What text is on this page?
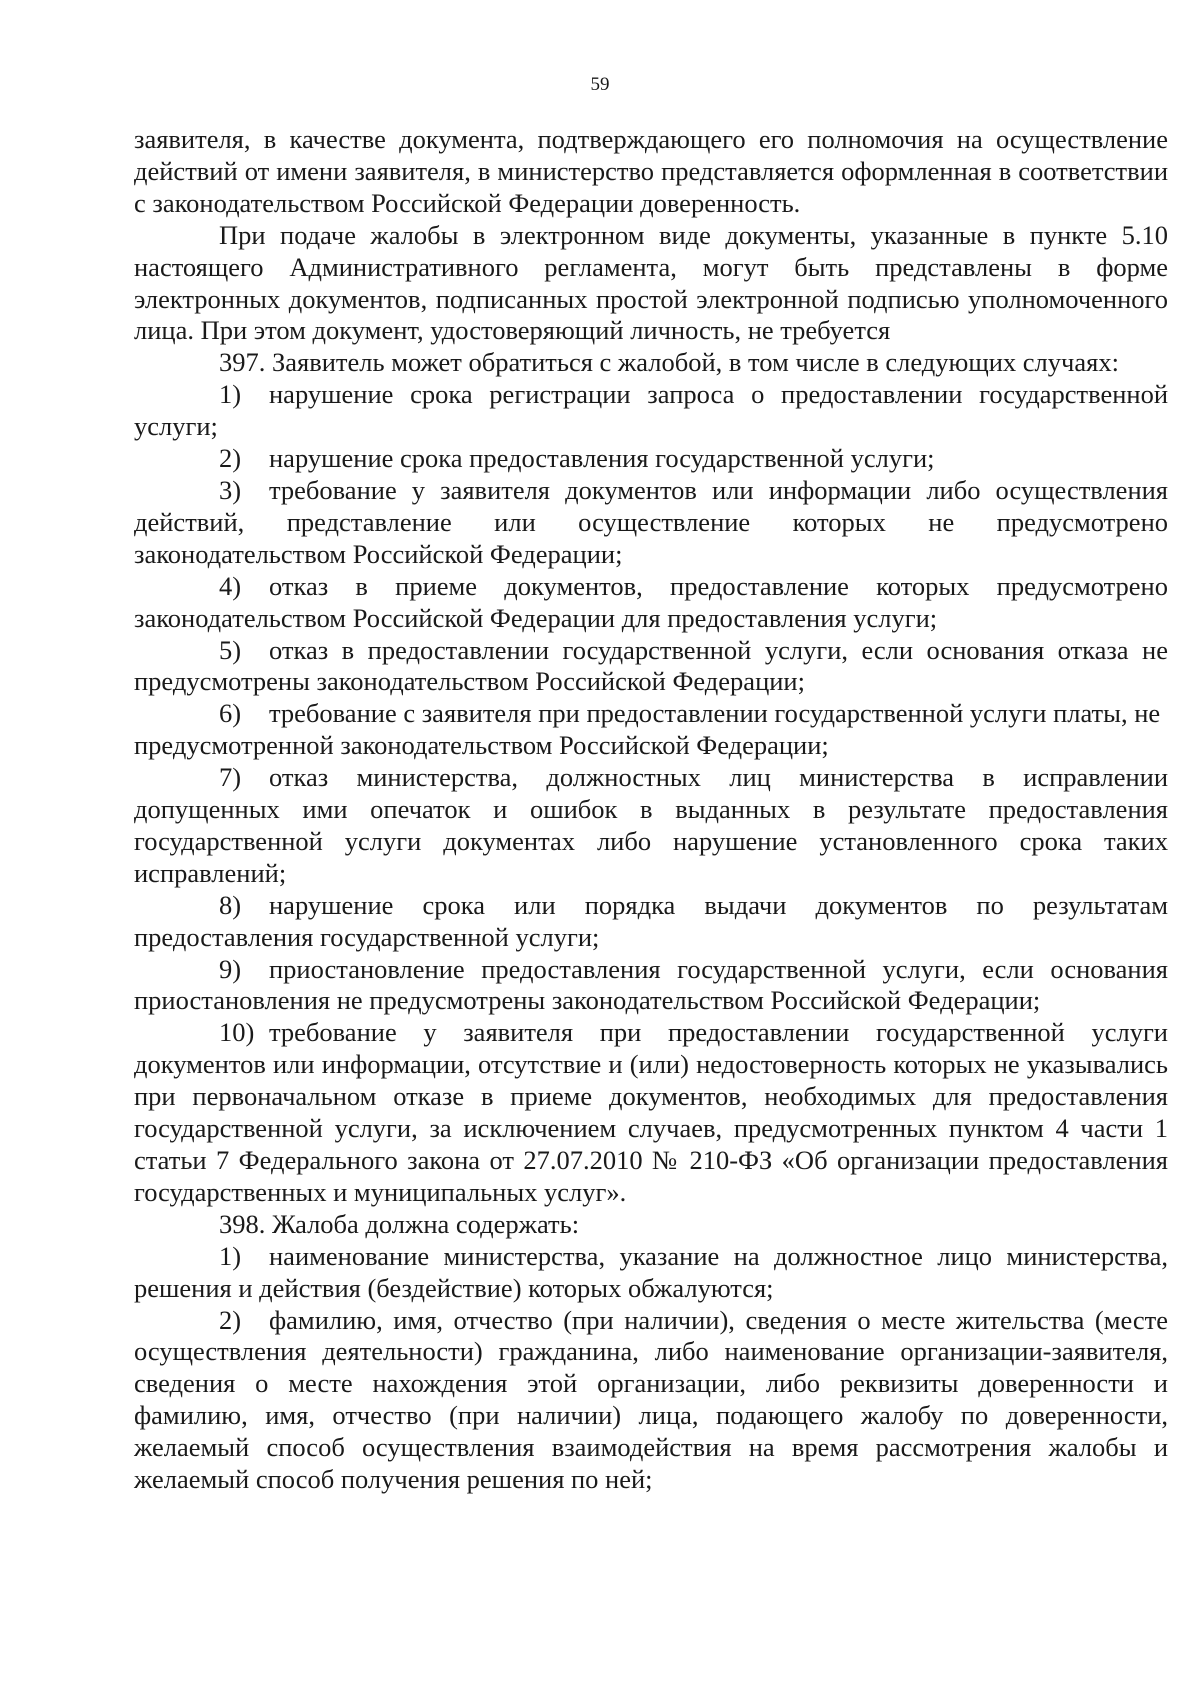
59

заявителя, в качестве документа, подтверждающего его полномочия на осуществление действий от имени заявителя, в министерство представляется оформленная в соответствии с законодательством Российской Федерации доверенность.

При подаче жалобы в электронном виде документы, указанные в пункте 5.10 настоящего Административного регламента, могут быть представлены в форме электронных документов, подписанных простой электронной подписью уполномоченного лица. При этом документ, удостоверяющий личность, не требуется

397. Заявитель может обратиться с жалобой, в том числе в следующих случаях:

1) нарушение срока регистрации запроса о предоставлении государственной услуги;

2) нарушение срока предоставления государственной услуги;

3) требование у заявителя документов или информации либо осуществления действий, представление или осуществление которых не предусмотрено законодательством Российской Федерации;

4) отказ в приеме документов, предоставление которых предусмотрено законодательством Российской Федерации для предоставления услуги;

5) отказ в предоставлении государственной услуги, если основания отказа не предусмотрены законодательством Российской Федерации;

6) требование с заявителя при предоставлении государственной услуги платы, не предусмотренной законодательством Российской Федерации;

7) отказ министерства, должностных лиц министерства в исправлении допущенных ими опечаток и ошибок в выданных в результате предоставления государственной услуги документах либо нарушение установленного срока таких исправлений;

8) нарушение срока или порядка выдачи документов по результатам предоставления государственной услуги;

9) приостановление предоставления государственной услуги, если основания приостановления не предусмотрены законодательством Российской Федерации;

10) требование у заявителя при предоставлении государственной услуги документов или информации, отсутствие и (или) недостоверность которых не указывались при первоначальном отказе в приеме документов, необходимых для предоставления государственной услуги, за исключением случаев, предусмотренных пунктом 4 части 1 статьи 7 Федерального закона от 27.07.2010 № 210-ФЗ «Об организации предоставления государственных и муниципальных услуг».

398. Жалоба должна содержать:

1) наименование министерства, указание на должностное лицо министерства, решения и действия (бездействие) которых обжалуются;

2) фамилию, имя, отчество (при наличии), сведения о месте жительства (месте осуществления деятельности) гражданина, либо наименование организации-заявителя, сведения о месте нахождения этой организации, либо реквизиты доверенности и фамилию, имя, отчество (при наличии) лица, подающего жалобу по доверенности, желаемый способ осуществления взаимодействия на время рассмотрения жалобы и желаемый способ получения решения по ней;
